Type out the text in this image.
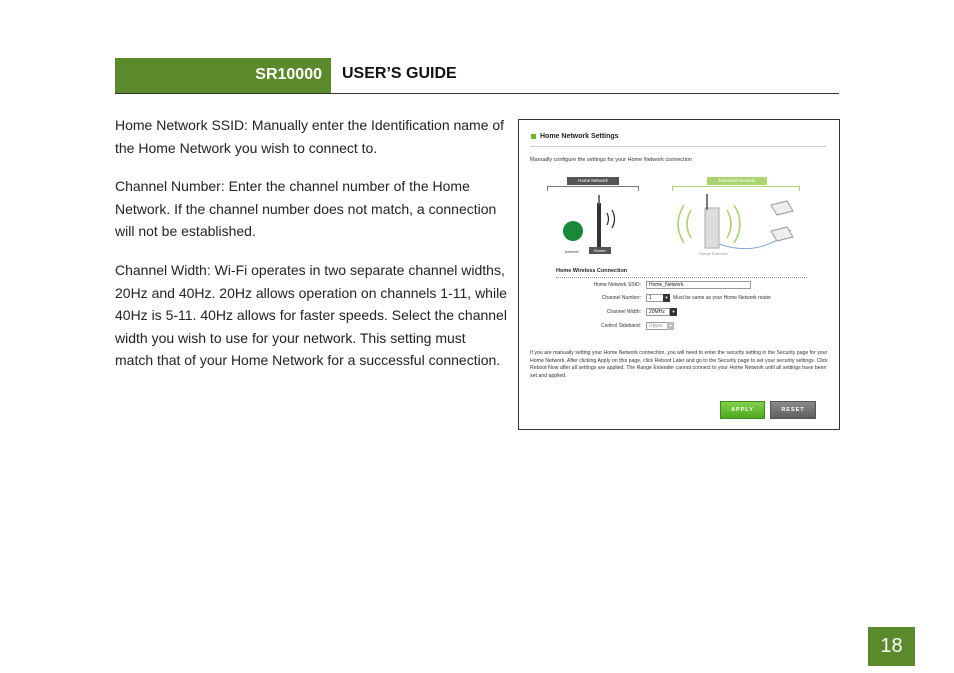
SR10000 USER’S GUIDE

Home Network SSID: Manually enter the Identification name of the Home Network you wish to connect to.

Channel Number: Enter the channel number of the Home Network. If the channel number does not match, a connection will not be established.

Channel Width: Wi-Fi operates in two separate channel widths, 20Hz and 40Hz. 20Hz allows operation on channels 1-11, while 40Hz is 5-11. 40Hz allows for faster speeds. Select the channel width you wish to use for your network. This setting must match that of your Home Network for a successful connection.

Home Network Settings
Manually configure the settings for your Home Network connection
Home Network	Extended Network
Internet	Router
Range Extender
Home Wireless Connection
Home Network SSID:	Home_Network
Channel Number:	1	▼ Must be same as your Home Network router
Channel Width:	20MHz	▼
Control Sideband:	Upper	▼

If you are manually setting your Home Network connection, you will need to enter the security setting in the Security page for your Home Network. After clicking Apply on this page, click Reboot Later and go to the Security page to set your security settings. Click Reboot Now after all settings are applied. The Range Extender cannot connect to your Home Network until all settings have been set and applied.

APPLY	RESET
18
